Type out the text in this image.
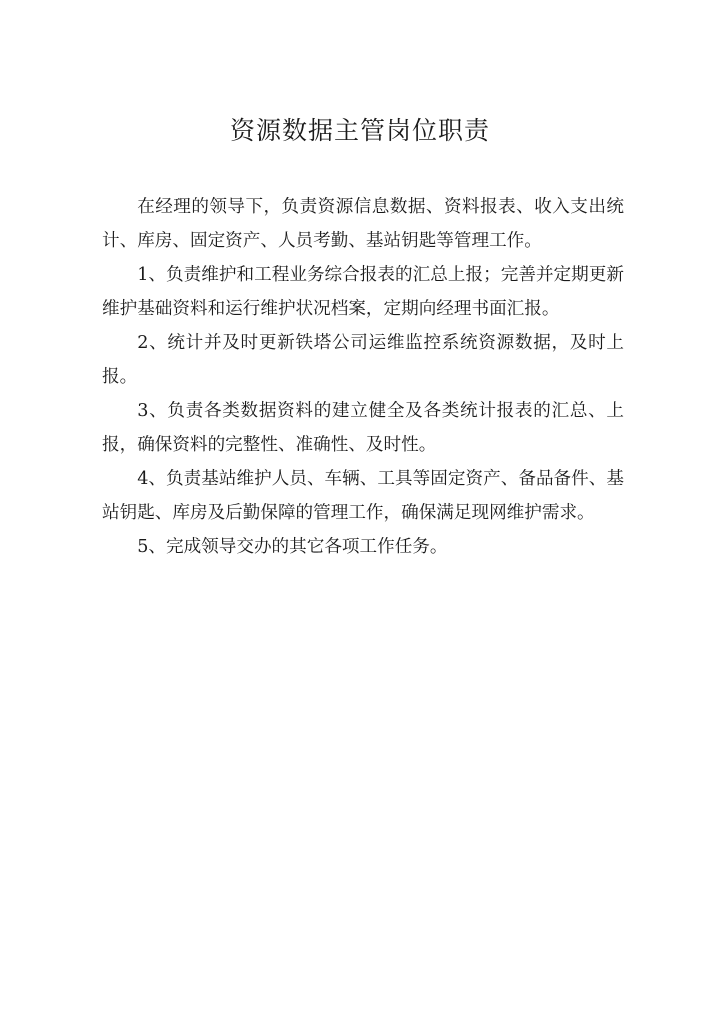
资源数据主管岗位职责

在经理的领导下，负责资源信息数据、资料报表、收入支出统计、库房、固定资产、人员考勤、基站钥匙等管理工作。

1、负责维护和工程业务综合报表的汇总上报；完善并定期更新维护基础资料和运行维护状况档案，定期向经理书面汇报。

2、统计并及时更新铁塔公司运维监控系统资源数据，及时上报。

3、负责各类数据资料的建立健全及各类统计报表的汇总、上报，确保资料的完整性、准确性、及时性。

4、负责基站维护人员、车辆、工具等固定资产、备品备件、基站钥匙、库房及后勤保障的管理工作，确保满足现网维护需求。

5、完成领导交办的其它各项工作任务。
